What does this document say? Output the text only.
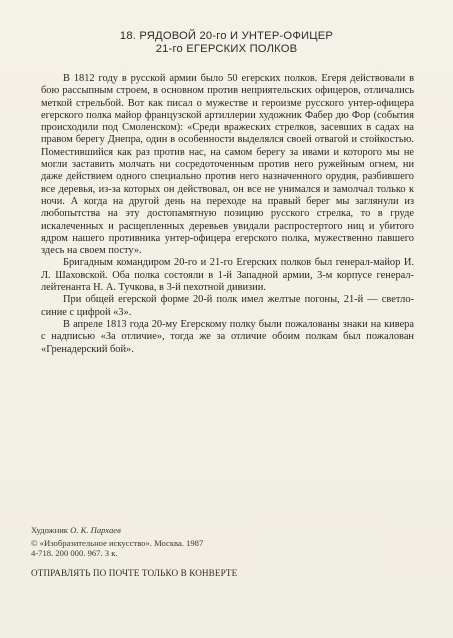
18. РЯДОВОЙ 20-го И УНТЕР-ОФИЦЕР
21-го ЕГЕРСКИХ ПОЛКОВ

В 1812 году в русской армии было 50 егерских полков. Егеря действовали в бою рассыпным строем, в основном против неприятельских офицеров, отличались меткой стрельбой. Вот как писал о мужестве и героизме русского унтер-офицера егерского полка майор французской артиллерии художник Фабер дю Фор (события происходили под Смоленском): «Среди вражеских стрелков, засевших в садах на правом берегу Днепра, один в особенности выделялся своей отвагой и стойкостью. Поместившийся как раз против нас, на самом берегу за ивами и которого мы не могли заставить молчать ни сосредоточенным против него ружейным огнем, ни даже действием одного специально против него назначенного орудия, разбившего все деревья, из-за которых он действовал, он все не унимался и замолчал только к ночи. А когда на другой день на переходе на правый берег мы заглянули из любопытства на эту достопамятную позицию русского стрелка, то в груде искалеченных и расщепленных деревьев увидали распростертого ниц и убитого ядром нашего противника унтер-офицера егерского полка, мужественно павшего здесь на своем посту».

Бригадным командиром 20-го и 21-го Егерских полков был генерал-майор И. Л. Шаховской. Оба полка состояли в 1-й Западной армии, 3-м корпусе генерал-лейтенанта Н. А. Тучкова, в 3-й пехотной дивизии.

При общей егерской форме 20-й полк имел желтые погоны, 21-й — светло-синие с цифрой «3».

В апреле 1813 года 20-му Егерскому полку были пожалованы знаки на кивера с надписью «За отличие», тогда же за отличие обоим полкам был пожалован «Гренадерский бой».

Художник О. К. Пархаев
© «Изобразительное искусство». Москва. 1987
4-718. 200 000. 967. 3 к.
ОТПРАВЛЯТЬ ПО ПОЧТЕ ТОЛЬКО В КОНВЕРТЕ
